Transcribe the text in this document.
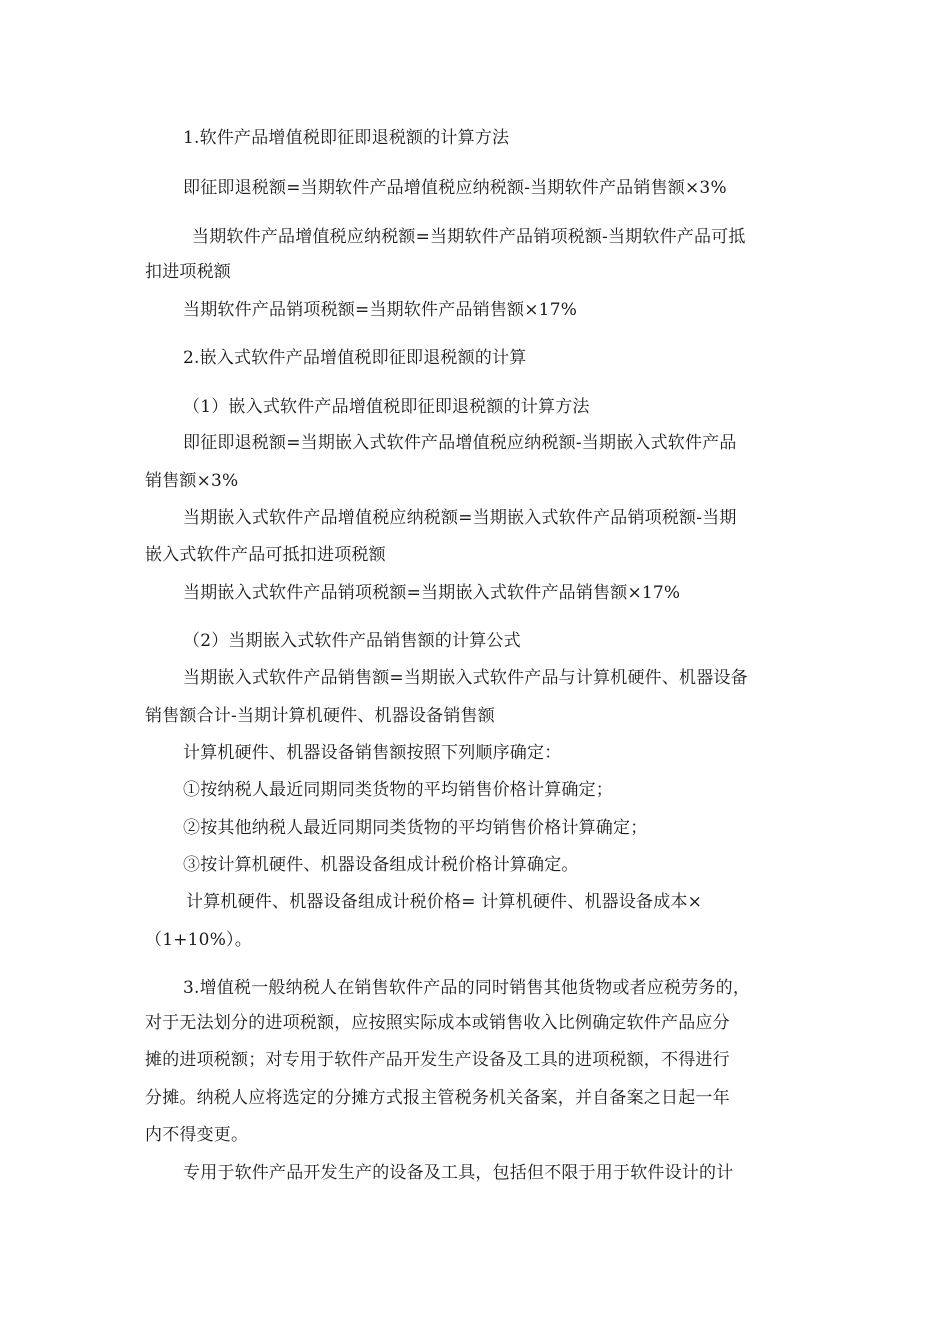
1.软件产品增值税即征即退税额的计算方法
即征即退税额=当期软件产品增值税应纳税额-当期软件产品销售额×3%
当期软件产品增值税应纳税额=当期软件产品销项税额-当期软件产品可抵
扣进项税额
当期软件产品销项税额=当期软件产品销售额×17%
2.嵌入式软件产品增值税即征即退税额的计算
（1）嵌入式软件产品增值税即征即退税额的计算方法
即征即退税额=当期嵌入式软件产品增值税应纳税额-当期嵌入式软件产品
销售额×3%
当期嵌入式软件产品增值税应纳税额=当期嵌入式软件产品销项税额-当期
嵌入式软件产品可抵扣进项税额
当期嵌入式软件产品销项税额=当期嵌入式软件产品销售额×17%
（2）当期嵌入式软件产品销售额的计算公式
当期嵌入式软件产品销售额=当期嵌入式软件产品与计算机硬件、机器设备
销售额合计-当期计算机硬件、机器设备销售额
计算机硬件、机器设备销售额按照下列顺序确定：
①按纳税人最近同期同类货物的平均销售价格计算确定；
②按其他纳税人最近同期同类货物的平均销售价格计算确定；
③按计算机硬件、机器设备组成计税价格计算确定。
计算机硬件、机器设备组成计税价格= 计算机硬件、机器设备成本×
（1+10%）。
3.增值税一般纳税人在销售软件产品的同时销售其他货物或者应税劳务的，
对于无法划分的进项税额，应按照实际成本或销售收入比例确定软件产品应分
摊的进项税额；对专用于软件产品开发生产设备及工具的进项税额，不得进行
分摊。纳税人应将选定的分摊方式报主管税务机关备案，并自备案之日起一年
内不得变更。
专用于软件产品开发生产的设备及工具，包括但不限于用于软件设计的计
